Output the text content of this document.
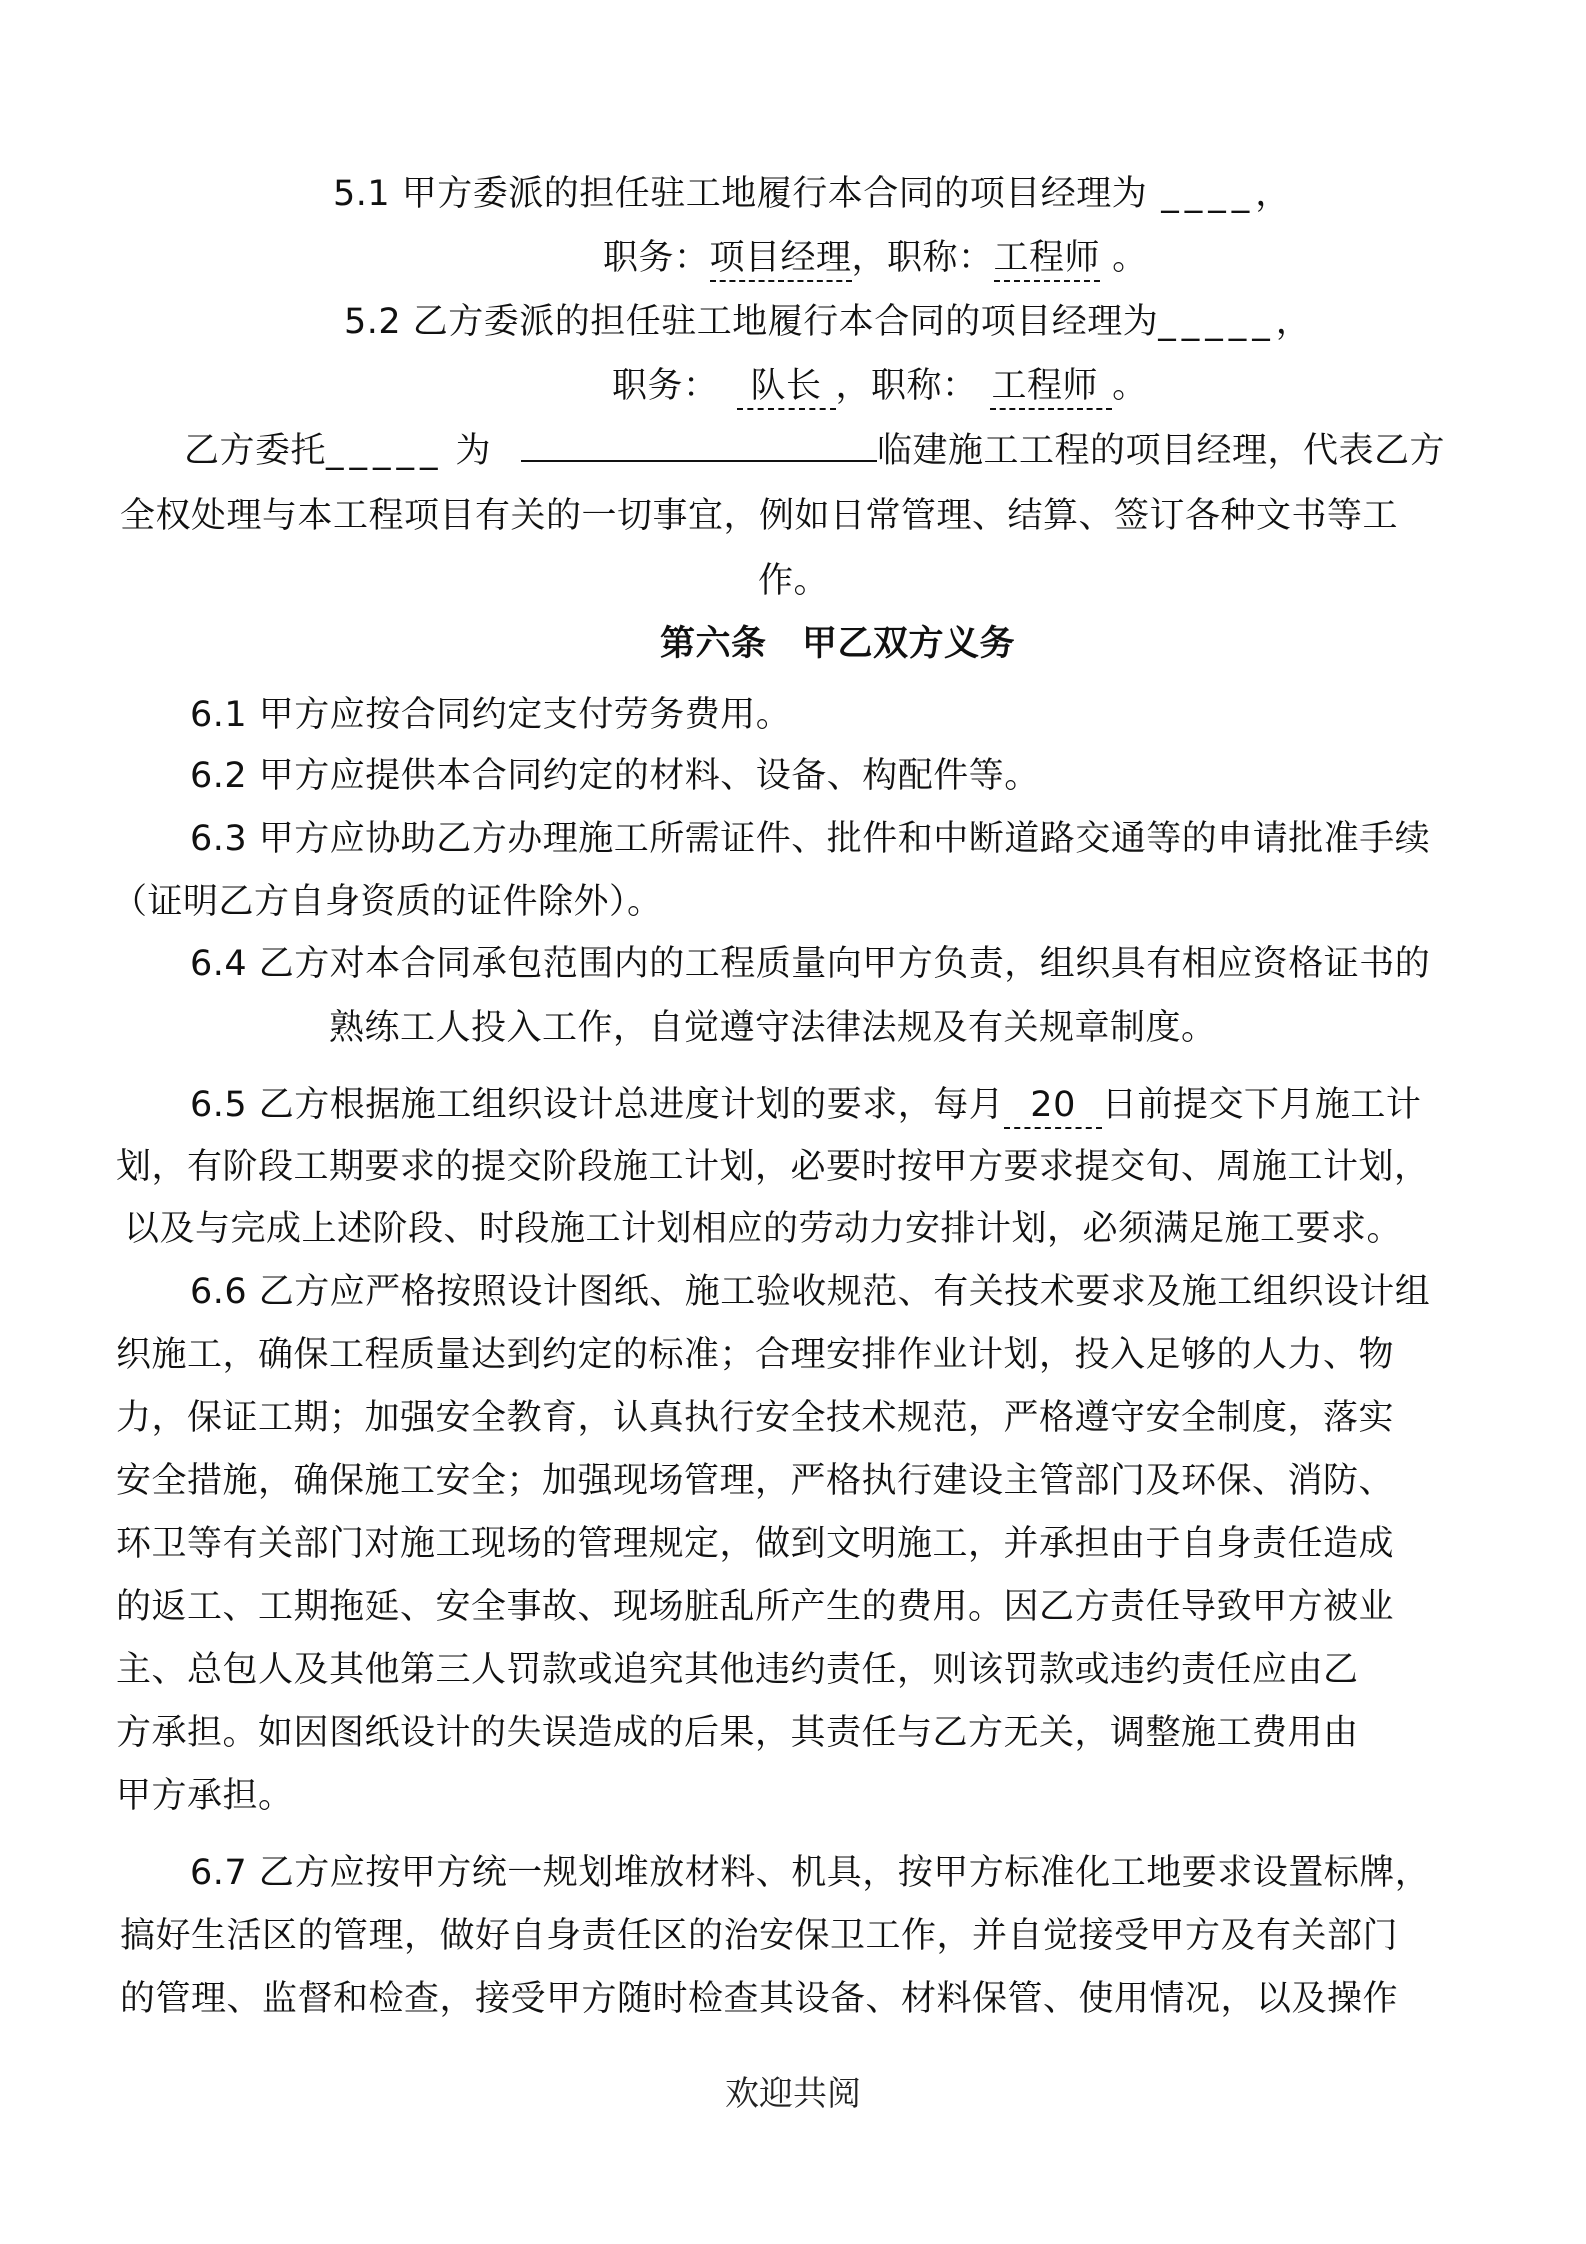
5.1 甲方委派的担任驻工地履行本合同的项目经理为 ____，
职务：项目经理，职称：工程师 。
5.2 乙方委派的担任驻工地履行本合同的项目经理为_____，
职务： 队长 ，职称： 工程师 。
乙方委托_____ 为	临建施工工程的项目经理，代表乙方
全权处理与本工程项目有关的一切事宜，例如日常管理、结算、签订各种文书等工
作。
第六条　甲乙双方义务
6.1 甲方应按合同约定支付劳务费用。
6.2 甲方应提供本合同约定的材料、设备、构配件等。
6.3 甲方应协助乙方办理施工所需证件、批件和中断道路交通等的申请批准手续
（证明乙方自身资质的证件除外）。
6.4 乙方对本合同承包范围内的工程质量向甲方负责，组织具有相应资格证书的
熟练工人投入工作，自觉遵守法律法规及有关规章制度。
6.5 乙方根据施工组织设计总进度计划的要求，每月 20 日前提交下月施工计
划，有阶段工期要求的提交阶段施工计划，必要时按甲方要求提交旬、周施工计划，
以及与完成上述阶段、时段施工计划相应的劳动力安排计划，必须满足施工要求。
6.6 乙方应严格按照设计图纸、施工验收规范、有关技术要求及施工组织设计组
织施工，确保工程质量达到约定的标准；合理安排作业计划，投入足够的人力、物
力，保证工期；加强安全教育，认真执行安全技术规范，严格遵守安全制度，落实
安全措施，确保施工安全；加强现场管理，严格执行建设主管部门及环保、消防、
环卫等有关部门对施工现场的管理规定，做到文明施工，并承担由于自身责任造成
的返工、工期拖延、安全事故、现场脏乱所产生的费用。因乙方责任导致甲方被业
主、总包人及其他第三人罚款或追究其他违约责任，则该罚款或违约责任应由乙
方承担。如因图纸设计的失误造成的后果，其责任与乙方无关，调整施工费用由
甲方承担。
6.7 乙方应按甲方统一规划堆放材料、机具，按甲方标准化工地要求设置标牌，
搞好生活区的管理，做好自身责任区的治安保卫工作，并自觉接受甲方及有关部门
的管理、监督和检查，接受甲方随时检查其设备、材料保管、使用情况，以及操作
欢迎共阅
